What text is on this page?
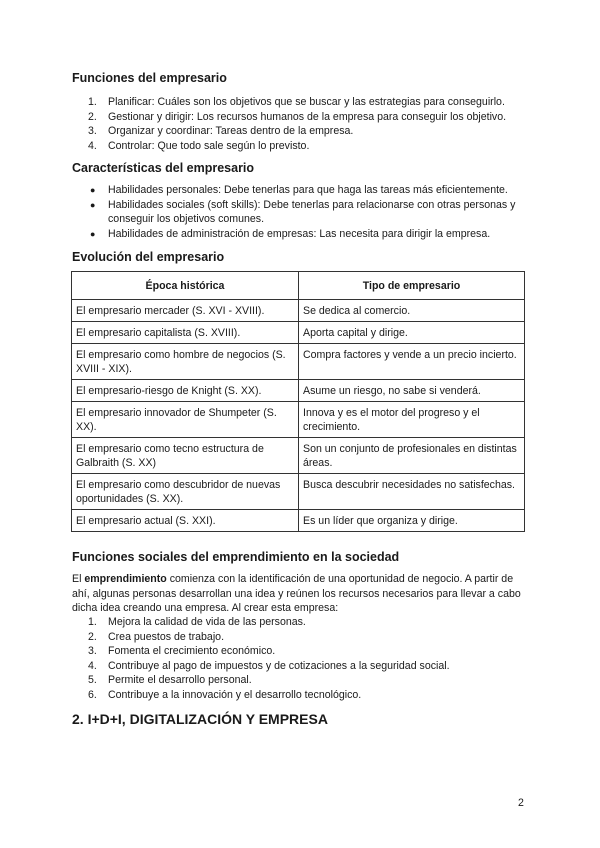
Funciones del empresario
1. Planificar: Cuáles son los objetivos que se buscar y las estrategias para conseguirlo.
2. Gestionar y dirigir: Los recursos humanos de la empresa para conseguir los objetivo.
3. Organizar y coordinar: Tareas dentro de la empresa.
4. Controlar: Que todo sale según lo previsto.
Características del empresario
● Habilidades personales: Debe tenerlas para que haga las tareas más eficientemente.
● Habilidades sociales (soft skills): Debe tenerlas para relacionarse con otras personas y conseguir los objetivos comunes.
● Habilidades de administración de empresas: Las necesita para dirigir la empresa.
Evolución del empresario
Época histórica	Tipo de empresario
El empresario mercader (S. XVI - XVIII).	Se dedica al comercio.
El empresario capitalista (S. XVIII).	Aporta capital y dirige.
El empresario como hombre de negocios (S. XVIII - XIX).	Compra factores y vende a un precio incierto.
El empresario-riesgo de Knight (S. XX).	Asume un riesgo, no sabe si venderá.
El empresario innovador de Shumpeter (S. XX).	Innova y es el motor del progreso y el crecimiento.
El empresario como tecno estructura de Galbraith (S. XX)	Son un conjunto de profesionales en distintas áreas.
El empresario como descubridor de nuevas oportunidades (S. XX).	Busca descubrir necesidades no satisfechas.
El empresario actual (S. XXI).	Es un líder que organiza y dirige.
Funciones sociales del emprendimiento en la sociedad

El emprendimiento comienza con la identificación de una oportunidad de negocio. A partir de ahí, algunas personas desarrollan una idea y reúnen los recursos necesarios para llevar a cabo dicha idea creando una empresa. Al crear esta empresa:

1. Mejora la calidad de vida de las personas.
2. Crea puestos de trabajo.
3. Fomenta el crecimiento económico.
4. Contribuye al pago de impuestos y de cotizaciones a la seguridad social.
5. Permite el desarrollo personal.
6. Contribuye a la innovación y el desarrollo tecnológico.
2. I+D+I, DIGITALIZACIÓN Y EMPRESA
2
